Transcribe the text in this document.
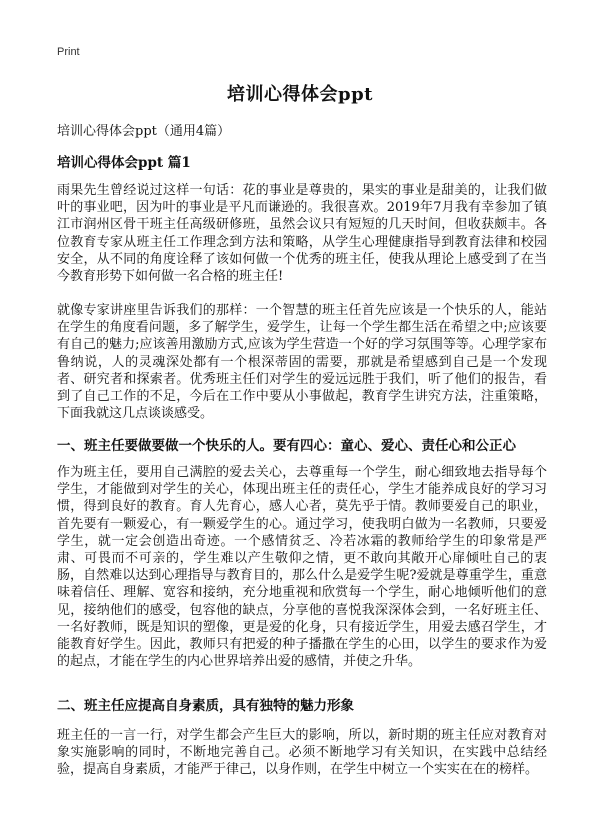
Print
培训心得体会ppt
培训心得体会ppt（通用4篇）
培训心得体会ppt 篇1
雨果先生曾经说过这样一句话：花的事业是尊贵的，果实的事业是甜美的，让我们做叶的事业吧，因为叶的事业是平凡而谦逊的。我很喜欢。2019年7月我有幸参加了镇江市润州区骨干班主任高级研修班，虽然会议只有短短的几天时间，但收获颇丰。各位教育专家从班主任工作理念到方法和策略，从学生心理健康指导到教育法律和校园安全，从不同的角度诠释了该如何做一个优秀的班主任，使我从理论上感受到了在当今教育形势下如何做一名合格的班主任!
就像专家讲座里告诉我们的那样：一个智慧的班主任首先应该是一个快乐的人，能站在学生的角度看问题，多了解学生，爱学生，让每一个学生都生活在希望之中;应该要有自己的魅力;应该善用激励方式,应该为学生营造一个好的学习氛围等等。心理学家布鲁纳说，人的灵魂深处都有一个根深蒂固的需要，那就是希望感到自己是一个发现者、研究者和探索者。优秀班主任们对学生的爱远远胜于我们，听了他们的报告，看到了自己工作的不足，今后在工作中要从小事做起，教育学生讲究方法，注重策略，下面我就这几点谈谈感受。
一、班主任要做要做一个快乐的人。要有四心：童心、爱心、责任心和公正心
作为班主任，要用自己满腔的爱去关心，去尊重每一个学生，耐心细致地去指导每个学生，才能做到对学生的关心，体现出班主任的责任心，学生才能养成良好的学习习惯，得到良好的教育。育人先育心，感人心者，莫先乎于情。教师要爱自己的职业，首先要有一颗爱心，有一颗爱学生的心。通过学习，使我明白做为一名教师，只要爱学生，就一定会创造出奇迹。一个感情贫乏、冷若冰霜的教师给学生的印象常是严肃、可畏而不可亲的，学生难以产生敬仰之情，更不敢向其敞开心扉倾吐自己的衷肠，自然难以达到心理指导与教育目的，那么什么是爱学生呢?爱就是尊重学生，重意味着信任、理解、宽容和接纳，充分地重视和欣赏每一个学生，耐心地倾听他们的意见，接纳他们的感受，包容他的缺点，分享他的喜悦我深深体会到，一名好班主任、一名好教师，既是知识的塑像，更是爱的化身，只有接近学生，用爱去感召学生，才能教育好学生。因此，教师只有把爱的种子播撒在学生的心田，以学生的要求作为爱的起点，才能在学生的内心世界培养出爱的感情，并使之升华。
二、班主任应提高自身素质，具有独特的魅力形象
班主任的一言一行，对学生都会产生巨大的影响，所以，新时期的班主任应对教育对象实施影响的同时，不断地完善自己。必须不断地学习有关知识，在实践中总结经验，提高自身素质，才能严于律己，以身作则，在学生中树立一个实实在在的榜样。
